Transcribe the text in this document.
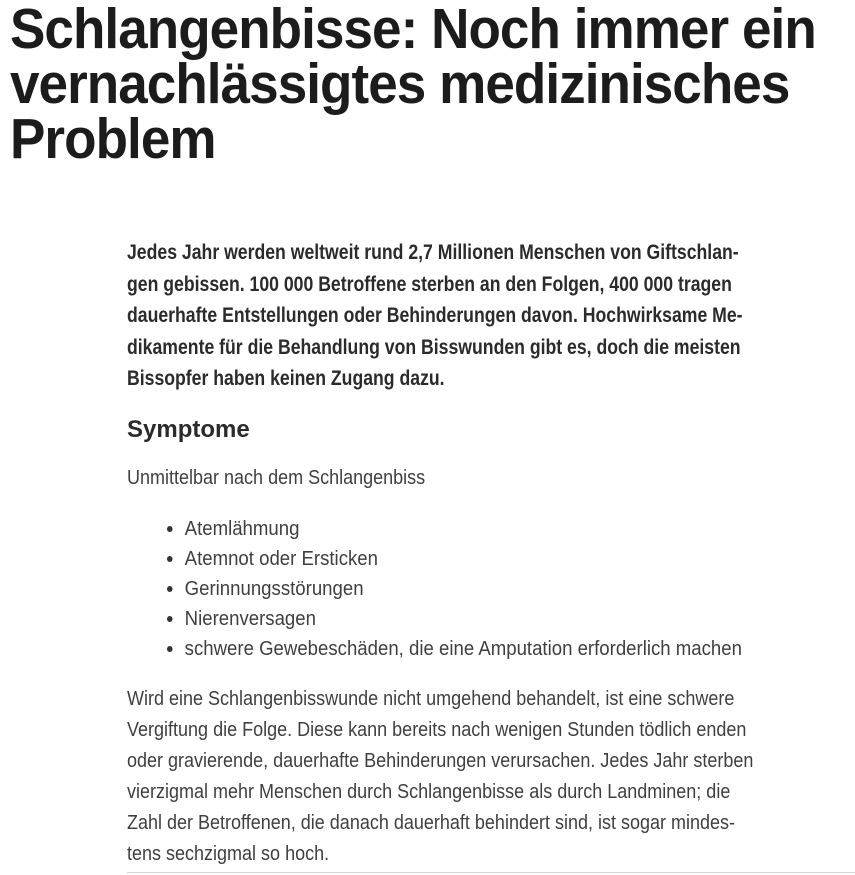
Schlangenbisse: Noch immer ein
vernachlässigtes medizinisches
Problem

Jedes Jahr werden weltweit rund 2,7 Millionen Menschen von Giftschlan-
gen gebissen. 100 000 Betroffene sterben an den Folgen, 400 000 tragen
dauerhafte Entstellungen oder Behinderungen davon. Hochwirksame Me-
dikamente für die Behandlung von Bisswunden gibt es, doch die meisten
Bissopfer haben keinen Zugang dazu.

Symptome

Unmittelbar nach dem Schlangenbiss

Atemlähmung
Atemnot oder Ersticken
Gerinnungsstörungen
Nierenversagen
schwere Gewebeschäden, die eine Amputation erforderlich machen

Wird eine Schlangenbisswunde nicht umgehend behandelt, ist eine schwere
Vergiftung die Folge. Diese kann bereits nach wenigen Stunden tödlich enden
oder gravierende, dauerhafte Behinderungen verursachen. Jedes Jahr sterben
vierzigmal mehr Menschen durch Schlangenbisse als durch Landminen; die
Zahl der Betroffenen, die danach dauerhaft behindert sind, ist sogar mindes-
tens sechzigmal so hoch.
